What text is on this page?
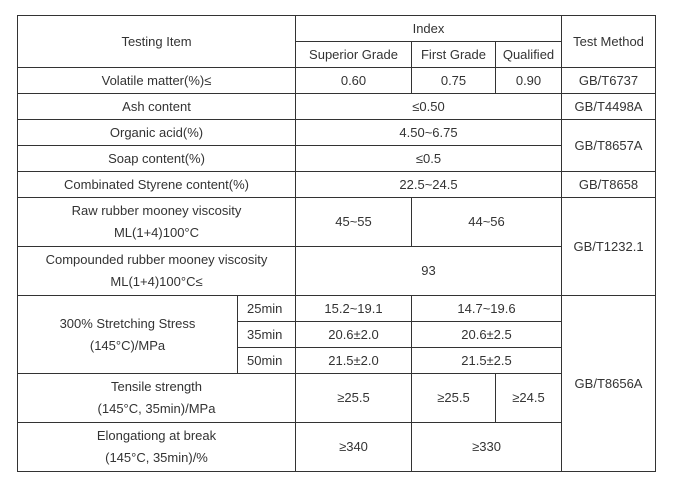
Testing Item		Index			Test Method
		Superior Grade	First Grade	Qualified	
Volatile matter(%)≤		0.60	0.75	0.90	GB/T6737
Ash content		≤0.50			GB/T4498A
Organic acid(%)		4.50~6.75			GB/T8657A
Soap content(%)		≤0.5			
Combinated Styrene content(%)		22.5~24.5			GB/T8658

Raw rubber mooney viscosity
ML(1+4)100°C		45~55	44~56		GB/T1232.1

Compounded rubber mooney viscosity
ML(1+4)100°C≤		93			

300% Stretching Stress
(145°C)/MPa	25min	15.2~19.1	14.7~19.6		GB/T8656A
	35min	20.6±2.0	20.6±2.5		
	50min	21.5±2.0	21.5±2.5		

Tensile strength
(145°C, 35min)/MPa		≥25.5	≥25.5	≥24.5	

Elongationg at break
(145°C, 35min)/%		≥340	≥330		
